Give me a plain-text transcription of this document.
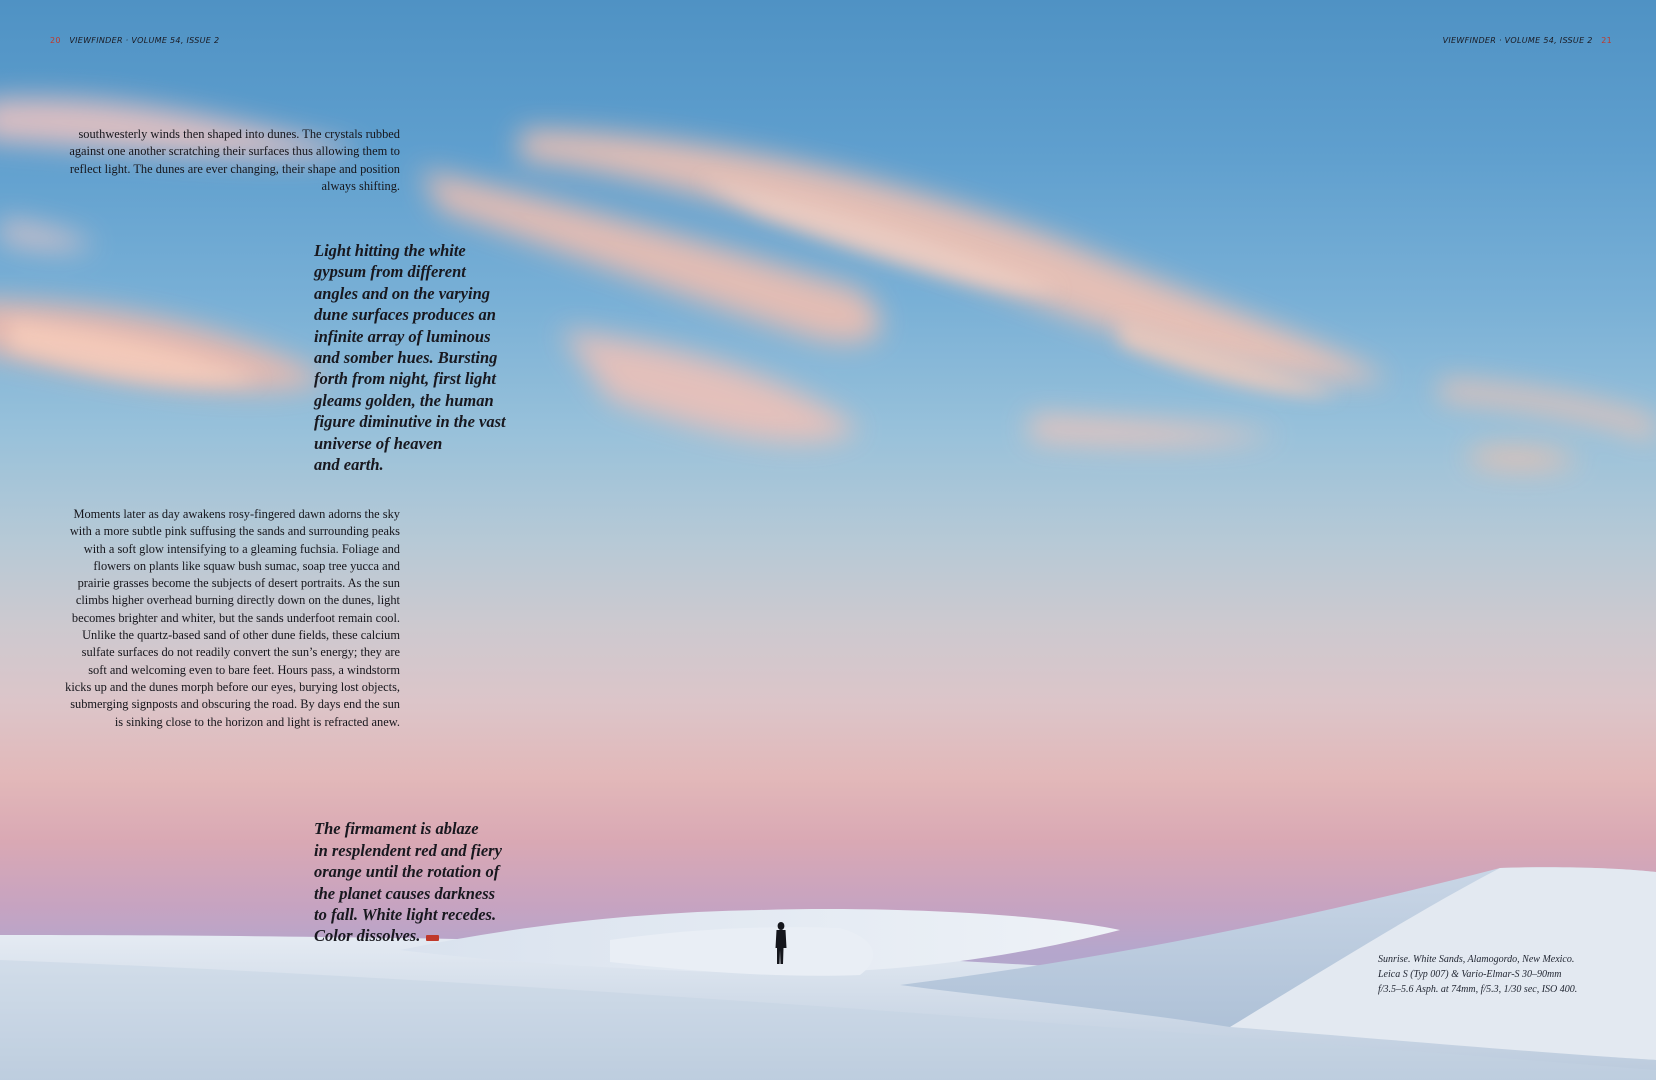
20 VIEWFINDER · VOLUME 54, ISSUE 2	VIEWFINDER · VOLUME 54, ISSUE 2 21

southwesterly winds then shaped into dunes. The crystals rubbed against one another scratching their surfaces thus allowing them to reflect light. The dunes are ever changing, their shape and position always shifting.

Light hitting the white
gypsum from different
angles and on the varying
dune surfaces produces an
infinite array of luminous
and somber hues. Bursting
forth from night, first light
gleams golden, the human
figure diminutive in the vast
universe of heaven
and earth.

Moments later as day awakens rosy-fingered dawn adorns the sky with a more subtle pink suffusing the sands and surrounding peaks with a soft glow intensifying to a gleaming fuchsia. Foliage and flowers on plants like squaw bush sumac, soap tree yucca and prairie grasses become the subjects of desert portraits. As the sun climbs higher overhead burning directly down on the dunes, light becomes brighter and whiter, but the sands underfoot remain cool. Unlike the quartz-based sand of other dune fields, these calcium sulfate surfaces do not readily convert the sun’s energy; they are soft and welcoming even to bare feet. Hours pass, a windstorm kicks up and the dunes morph before our eyes, burying lost objects, submerging signposts and obscuring the road. By days end the sun is sinking close to the horizon and light is refracted anew.

The firmament is ablaze
in resplendent red and fiery
orange until the rotation of
the planet causes darkness
to fall. White light recedes.
Color dissolves.

Sunrise. White Sands, Alamogordo, New Mexico.
Leica S (Typ 007) & Vario-Elmar-S 30–90mm
f/3.5–5.6 Asph. at 74mm, f/5.3, 1/30 sec, ISO 400.
